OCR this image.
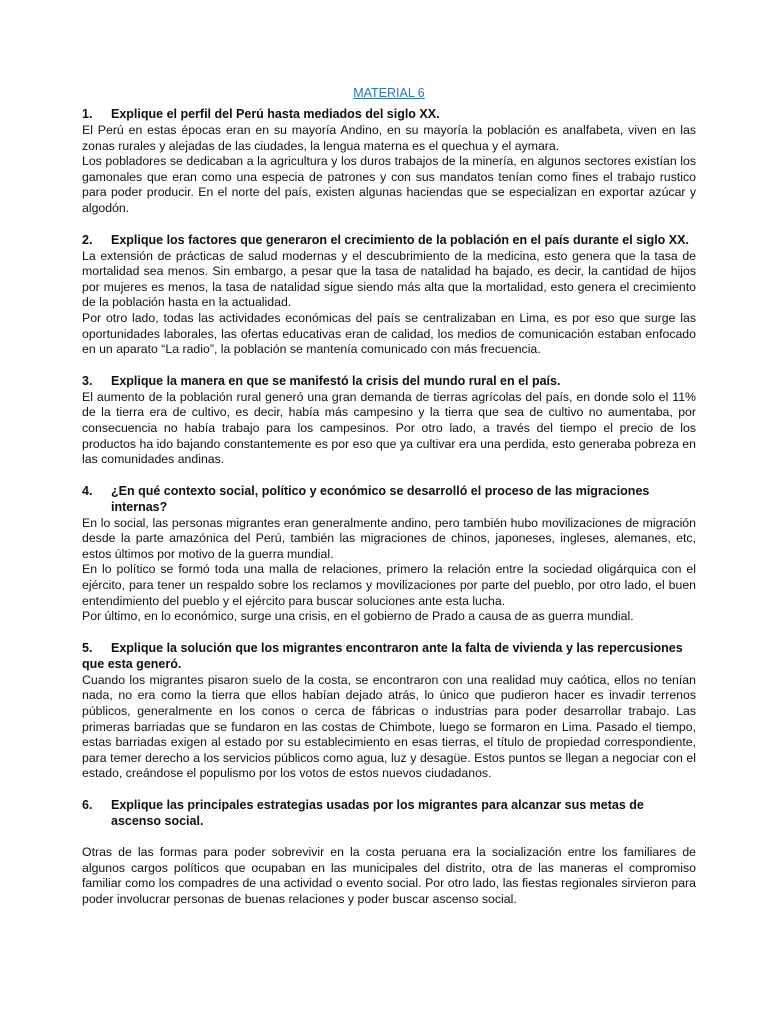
MATERIAL 6
1.	Explique el perfil del Perú hasta mediados del siglo XX.

El Perú en estas épocas eran en su mayoría Andino, en su mayoría la población es analfabeta, viven en las zonas rurales y alejadas de las ciudades, la lengua materna es el quechua y el aymara.

Los pobladores se dedicaban a la agricultura y los duros trabajos de la minería, en algunos sectores existían los gamonales que eran como una especia de patrones y con sus mandatos tenían como fines el trabajo rustico para poder producir. En el norte del país, existen algunas haciendas que se especializan en exportar azúcar y algodón.

2.	Explique los factores que generaron el crecimiento de la población en el país durante el siglo XX.

La extensión de prácticas de salud modernas y el descubrimiento de la medicina, esto genera que la tasa de mortalidad sea menos. Sin embargo, a pesar que la tasa de natalidad ha bajado, es decir, la cantidad de hijos por mujeres es menos, la tasa de natalidad sigue siendo más alta que la mortalidad, esto genera el crecimiento de la población hasta en la actualidad.

Por otro lado, todas las actividades económicas del país se centralizaban en Lima, es por eso que surge las oportunidades laborales, las ofertas educativas eran de calidad, los medios de comunicación estaban enfocado en un aparato “La radio”, la población se mantenía comunicado con más frecuencia.

3.	Explique la manera en que se manifestó la crisis del mundo rural en el país.

El aumento de la población rural generó una gran demanda de tierras agrícolas del país, en donde solo el 11% de la tierra era de cultivo, es decir, había más campesino y la tierra que sea de cultivo no aumentaba, por consecuencia no había trabajo para los campesinos. Por otro lado, a través del tiempo el precio de los productos ha ido bajando constantemente es por eso que ya cultivar era una perdida, esto generaba pobreza en las comunidades andinas.

4.	¿En qué contexto social, político y económico se desarrolló el proceso de las migraciones internas?

En lo social, las personas migrantes eran generalmente andino, pero también hubo movilizaciones de migración desde la parte amazónica del Perú, también las migraciones de chinos, japoneses, ingleses, alemanes, etc, estos últimos por motivo de la guerra mundial.

En lo político se formó toda una malla de relaciones, primero la relación entre la sociedad oligárquica con el ejército, para tener un respaldo sobre los reclamos y movilizaciones por parte del pueblo, por otro lado, el buen entendimiento del pueblo y el ejército para buscar soluciones ante esta lucha.

Por último, en lo económico, surge una crisis, en el gobierno de Prado a causa de as guerra mundial.

5. Explique la solución que los migrantes encontraron ante la falta de vivienda y las repercusiones que esta generó.

Cuando los migrantes pisaron suelo de la costa, se encontraron con una realidad muy caótica, ellos no tenían nada, no era como la tierra que ellos habían dejado atrás, lo único que pudieron hacer es invadir terrenos públicos, generalmente en los conos o cerca de fábricas o industrias para poder desarrollar trabajo. Las primeras barriadas que se fundaron en las costas de Chimbote, luego se formaron en Lima. Pasado el tiempo, estas barriadas exigen al estado por su establecimiento en esas tierras, el título de propiedad correspondiente, para temer derecho a los servicios públicos como agua, luz y desagüe. Estos puntos se llegan a negociar con el estado, creándose el populismo por los votos de estos nuevos ciudadanos.

6.	Explique las principales estrategias usadas por los migrantes para alcanzar sus metas de ascenso social.

Otras de las formas para poder sobrevivir en la costa peruana era la socialización entre los familiares de algunos cargos políticos que ocupaban en las municipales del distrito, otra de las maneras el compromiso familiar como los compadres de una actividad o evento social. Por otro lado, las fiestas regionales sirvieron para poder involucrar personas de buenas relaciones y poder buscar ascenso social.
